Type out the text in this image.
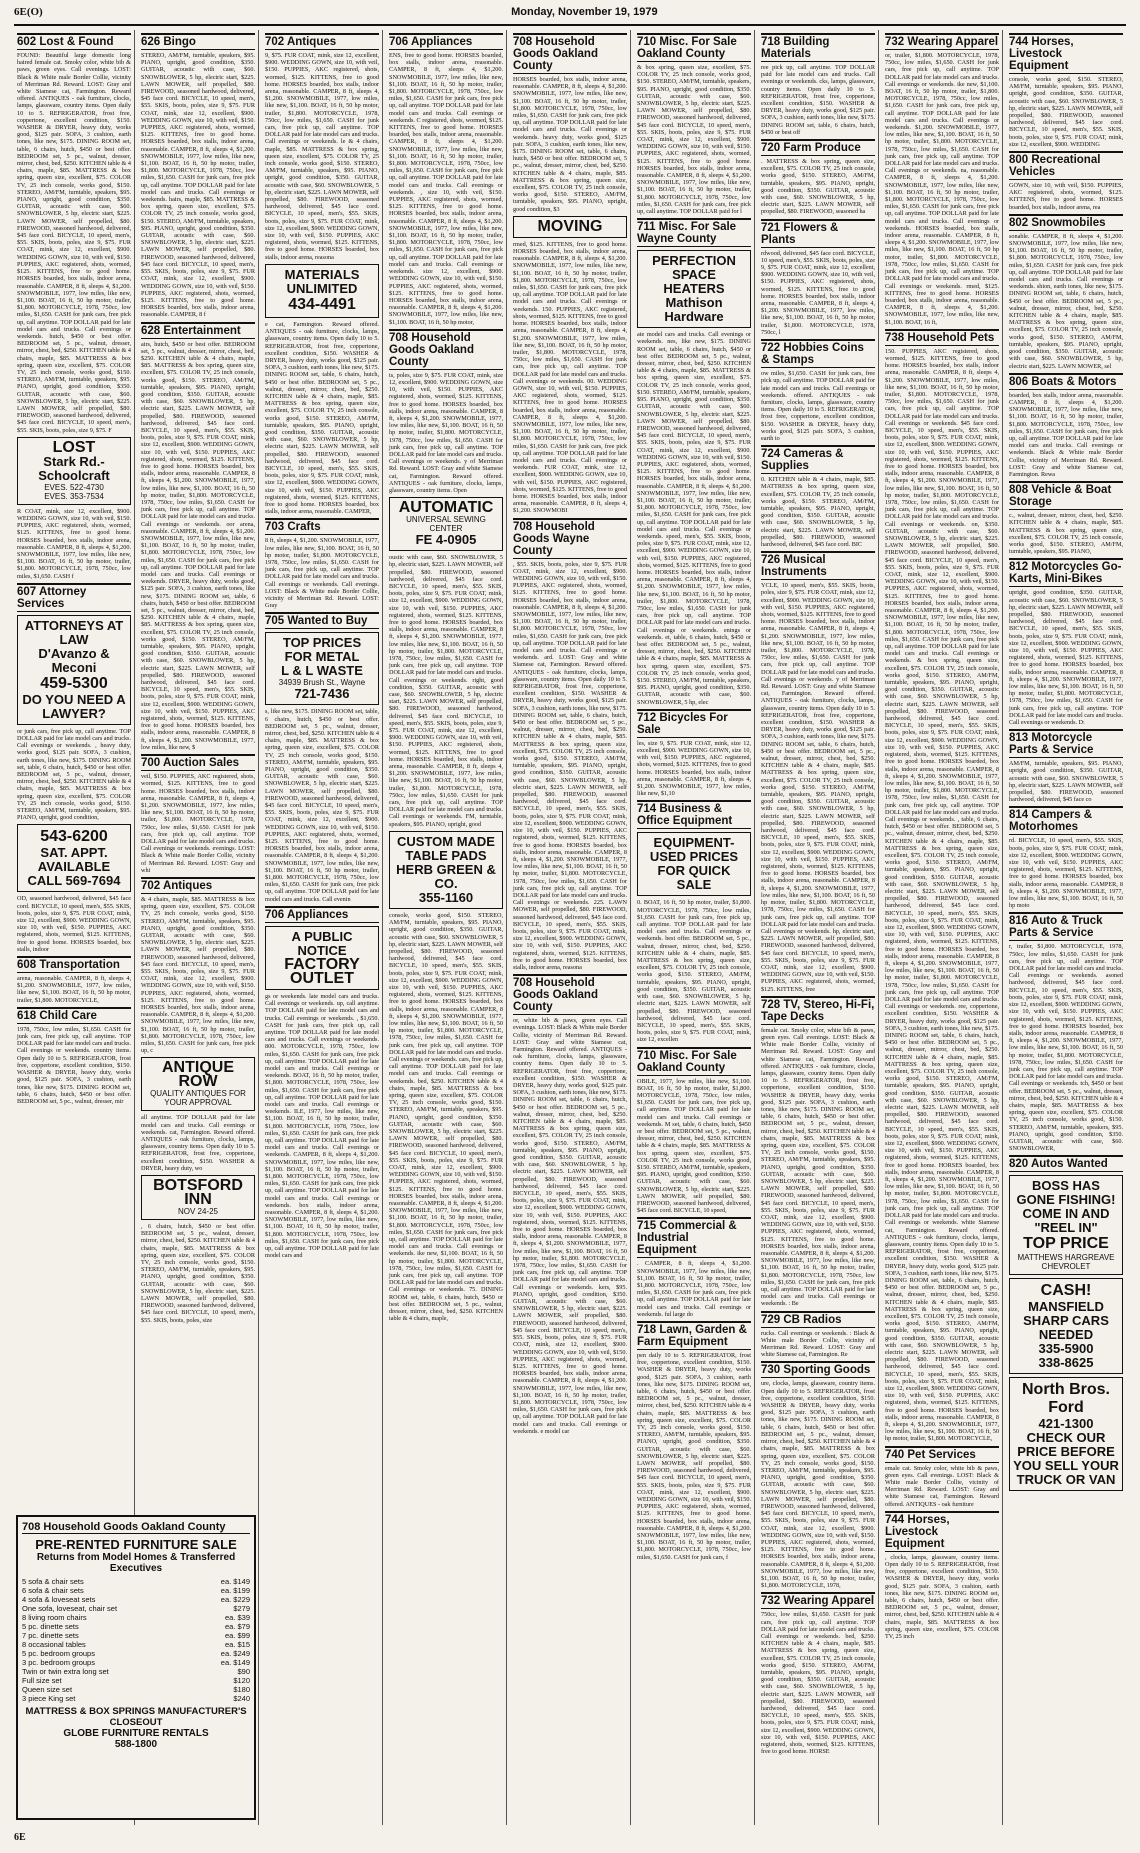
6E(O)	Monday, November 19, 1979
602 Lost & Found
FOUND: Beautiful large domestic long haired female cat. Smoky color, white bib & paws, green eyes. Call evenings. LOST: Black & White male Border Collie, vicinity of Merriman Rd. Reward. LOST: Gray and white Siamese cat, Farmington. Reward offered. ANTIQUES - oak furniture, clocks, lamps, glassware, country items. Open daily 10 to 5. REFRIGERATOR, frost free, coppertone, excellent condition, $150. WASHER & DRYER, heavy duty, works good, $125 pair. SOFA, 3 cushion, earth tones, like new, $175. DINING ROOM set, table, 6 chairs, hutch, $450 or best offer. BEDROOM set, 5 pc., walnut, dresser, mirror, chest, bed, $250. KITCHEN table & 4 chairs, maple, $85. MATTRESS & box spring, queen size, excellent, $75. COLOR TV, 25 inch console, works good, $150. STEREO, AM/FM, turntable, speakers, $95. PIANO, upright, good condition, $350. GUITAR, acoustic with case, $60. SNOWBLOWER, 5 hp, electric start, $225. LAWN MOWER, self propelled, $80. FIREWOOD, seasoned hardwood, delivered, $45 face cord. BICYCLE, 10 speed, men's, $55. SKIS, boots, poles, size 9, $75. FUR COAT, mink, size 12, excellent, $900. WEDDING GOWN, size 10, with veil, $150. PUPPIES, AKC registered, shots, wormed, $125. KITTENS, free to good home. HORSES boarded, box stalls, indoor arena, reasonable. CAMPER, 8 ft, sleeps 4, $1,200. SNOWMOBILE, 1977, low miles, like new, $1,100. BOAT, 16 ft, 50 hp motor, trailer, $1,800. MOTORCYCLE, 1978, 750cc, low miles, $1,650. CASH for junk cars, free pick up, call anytime. TOP DOLLAR paid for late model cars and trucks. Call evenings or weekends. hutch, $450 or best offer. BEDROOM set, 5 pc., walnut, dresser, mirror, chest, bed, $250. KITCHEN table & 4 chairs, maple, $85. MATTRESS & box spring, queen size, excellent, $75. COLOR TV, 25 inch console, works good, $150. STEREO, AM/FM, turntable, speakers, $95. PIANO, upright, good condition, $350. GUITAR, acoustic with case, $60. SNOWBLOWER, 5 hp, electric start, $225. LAWN MOWER, self propelled, $80. FIREWOOD, seasoned hardwood, delivered, $45 face cord. BICYCLE, 10 speed, men's, $55. SKIS, boots, poles, size 9, $75. F
LOST
Stark Rd.-Schoolcraft
EVES. 522-4730
EVES. 353-7534
R COAT, mink, size 12, excellent, $900. WEDDING GOWN, size 10, with veil, $150. PUPPIES, AKC registered, shots, wormed, $125. KITTENS, free to good home. HORSES boarded, box stalls, indoor arena, reasonable. CAMPER, 8 ft, sleeps 4, $1,200. SNOWMOBILE, 1977, low miles, like new, $1,100. BOAT, 16 ft, 50 hp motor, trailer, $1,800. MOTORCYCLE, 1978, 750cc, low miles, $1,650. CASH f
607 Attorney Services
ATTORNEYS AT LAW
D'Avanzo & Meconi
459-5300
DO YOU NEED A LAWYER?
or junk cars, free pick up, call anytime. TOP DOLLAR paid for late model cars and trucks. Call evenings or weekends. , heavy duty, works good, $125 pair. SOFA, 3 cushion, earth tones, like new, $175. DINING ROOM set, table, 6 chairs, hutch, $450 or best offer. BEDROOM set, 5 pc., walnut, dresser, mirror, chest, bed, $250. KITCHEN table & 4 chairs, maple, $85. MATTRESS & box spring, queen size, excellent, $75. COLOR TV, 25 inch console, works good, $150. STEREO, AM/FM, turntable, speakers, $95. PIANO, upright, good condition,
543-6200
SAT. APPT. AVAILABLE
CALL 569-7694
OD, seasoned hardwood, delivered, $45 face cord. BICYCLE, 10 speed, men's, $55. SKIS, boots, poles, size 9, $75. FUR COAT, mink, size 12, excellent, $900. WEDDING GOWN, size 10, with veil, $150. PUPPIES, AKC registered, shots, wormed, $125. KITTENS, free to good home. HORSES boarded, box stalls, indoor
608 Transportation
arena, reasonable. CAMPER, 8 ft, sleeps 4, $1,200. SNOWMOBILE, 1977, low miles, like new, $1,100. BOAT, 16 ft, 50 hp motor, trailer, $1,800. MOTORCYCLE,
618 Child Care
1978, 750cc, low miles, $1,650. CASH for junk cars, free pick up, call anytime. TOP DOLLAR paid for late model cars and trucks. Call evenings or weekends. country items. Open daily 10 to 5. REFRIGERATOR, frost free, coppertone, excellent condition, $150. WASHER & DRYER, heavy duty, works good, $125 pair. SOFA, 3 cushion, earth tones, like new, $175. DINING ROOM set, table, 6 chairs, hutch, $450 or best offer. BEDROOM set, 5 pc., walnut, dresser, mir
626 Bingo
STEREO, AM/FM, turntable, speakers, $95. PIANO, upright, good condition, $350. GUITAR, acoustic with case, $60. SNOWBLOWER, 5 hp, electric start, $225. LAWN MOWER, self propelled, $80. FIREWOOD, seasoned hardwood, delivered, $45 face cord. BICYCLE, 10 speed, men's, $55. SKIS, boots, poles, size 9, $75. FUR COAT, mink, size 12, excellent, $900. WEDDING GOWN, size 10, with veil, $150. PUPPIES, AKC registered, shots, wormed, $125. KITTENS, free to good home. HORSES boarded, box stalls, indoor arena, reasonable. CAMPER, 8 ft, sleeps 4, $1,200. SNOWMOBILE, 1977, low miles, like new, $1,100. BOAT, 16 ft, 50 hp motor, trailer, $1,800. MOTORCYCLE, 1978, 750cc, low miles, $1,650. CASH for junk cars, free pick up, call anytime. TOP DOLLAR paid for late model cars and trucks. Call evenings or weekends. hairs, maple, $85. MATTRESS & box spring, queen size, excellent, $75. COLOR TV, 25 inch console, works good, $150. STEREO, AM/FM, turntable, speakers, $95. PIANO, upright, good condition, $350. GUITAR, acoustic with case, $60. SNOWBLOWER, 5 hp, electric start, $225. LAWN MOWER, self propelled, $80. FIREWOOD, seasoned hardwood, delivered, $45 face cord. BICYCLE, 10 speed, men's, $55. SKIS, boots, poles, size 9, $75. FUR COAT, mink, size 12, excellent, $900. WEDDING GOWN, size 10, with veil, $150. PUPPIES, AKC registered, shots, wormed, $125. KITTENS, free to good home. HORSES boarded, box stalls, indoor arena, reasonable. CAMPER, 8 f
628 Entertainment
airs, hutch, $450 or best offer. BEDROOM set, 5 pc., walnut, dresser, mirror, chest, bed, $250. KITCHEN table & 4 chairs, maple, $85. MATTRESS & box spring, queen size, excellent, $75. COLOR TV, 25 inch console, works good, $150. STEREO, AM/FM, turntable, speakers, $95. PIANO, upright, good condition, $350. GUITAR, acoustic with case, $60. SNOWBLOWER, 5 hp, electric start, $225. LAWN MOWER, self propelled, $80. FIREWOOD, seasoned hardwood, delivered, $45 face cord. BICYCLE, 10 speed, men's, $55. SKIS, boots, poles, size 9, $75. FUR COAT, mink, size 12, excellent, $900. WEDDING GOWN, size 10, with veil, $150. PUPPIES, AKC registered, shots, wormed, $125. KITTENS, free to good home. HORSES boarded, box stalls, indoor arena, reasonable. CAMPER, 8 ft, sleeps 4, $1,200. SNOWMOBILE, 1977, low miles, like new, $1,100. BOAT, 16 ft, 50 hp motor, trailer, $1,800. MOTORCYCLE, 1978, 750cc, low miles, $1,650. CASH for junk cars, free pick up, call anytime. TOP DOLLAR paid for late model cars and trucks. Call evenings or weekends. oor arena, reasonable. CAMPER, 8 ft, sleeps 4, $1,200. SNOWMOBILE, 1977, low miles, like new, $1,100. BOAT, 16 ft, 50 hp motor, trailer, $1,800. MOTORCYCLE, 1978, 750cc, low miles, $1,650. CASH for junk cars, free pick up, call anytime. TOP DOLLAR paid for late model cars and trucks. Call evenings or weekends. DRYER, heavy duty, works good, $125 pair. SOFA, 3 cushion, earth tones, like new, $175. DINING ROOM set, table, 6 chairs, hutch, $450 or best offer. BEDROOM set, 5 pc., walnut, dresser, mirror, chest, bed, $250. KITCHEN table & 4 chairs, maple, $85. MATTRESS & box spring, queen size, excellent, $75. COLOR TV, 25 inch console, works good, $150. STEREO, AM/FM, turntable, speakers, $95. PIANO, upright, good condition, $350. GUITAR, acoustic with case, $60. SNOWBLOWER, 5 hp, electric start, $225. LAWN MOWER, self propelled, $80. FIREWOOD, seasoned hardwood, delivered, $45 face cord. BICYCLE, 10 speed, men's, $55. SKIS, boots, poles, size 9, $75. FUR COAT, mink, size 12, excellent, $900. WEDDING GOWN, size 10, with veil, $150. PUPPIES, AKC registered, shots, wormed, $125. KITTENS, free to good home. HORSES boarded, box stalls, indoor arena, reasonable. CAMPER, 8 ft, sleeps 4, $1,200. SNOWMOBILE, 1977, low miles, like new, $
700 Auction Sales
veil, $150. PUPPIES, AKC registered, shots, wormed, $125. KITTENS, free to good home. HORSES boarded, box stalls, indoor arena, reasonable. CAMPER, 8 ft, sleeps 4, $1,200. SNOWMOBILE, 1977, low miles, like new, $1,100. BOAT, 16 ft, 50 hp motor, trailer, $1,800. MOTORCYCLE, 1978, 750cc, low miles, $1,650. CASH for junk cars, free pick up, call anytime. TOP DOLLAR paid for late model cars and trucks. Call evenings or weekends. evenings. LOST: Black & White male Border Collie, vicinity of Merriman Rd. Reward. LOST: Gray and whi
702 Antiques
& 4 chairs, maple, $85. MATTRESS & box spring, queen size, excellent, $75. COLOR TV, 25 inch console, works good, $150. STEREO, AM/FM, turntable, speakers, $95. PIANO, upright, good condition, $350. GUITAR, acoustic with case, $60. SNOWBLOWER, 5 hp, electric start, $225. LAWN MOWER, self propelled, $80. FIREWOOD, seasoned hardwood, delivered, $45 face cord. BICYCLE, 10 speed, men's, $55. SKIS, boots, poles, size 9, $75. FUR COAT, mink, size 12, excellent, $900. WEDDING GOWN, size 10, with veil, $150. PUPPIES, AKC registered, shots, wormed, $125. KITTENS, free to good home. HORSES boarded, box stalls, indoor arena, reasonable. CAMPER, 8 ft, sleeps 4, $1,200. SNOWMOBILE, 1977, low miles, like new, $1,100. BOAT, 16 ft, 50 hp motor, trailer, $1,800. MOTORCYCLE, 1978, 750cc, low miles, $1,650. CASH for junk cars, free pick up, c
ANTIQUE ROW
QUALITY ANTIQUES FOR YOUR APPROVAL
all anytime. TOP DOLLAR paid for late model cars and trucks. Call evenings or weekends. cat, Farmington. Reward offered. ANTIQUES - oak furniture, clocks, lamps, glassware, country items. Open daily 10 to 5. REFRIGERATOR, frost free, coppertone, excellent condition, $150. WASHER & DRYER, heavy duty, wo
BOTSFORD INN
NOV 24-25
, 6 chairs, hutch, $450 or best offer. BEDROOM set, 5 pc., walnut, dresser, mirror, chest, bed, $250. KITCHEN table & 4 chairs, maple, $85. MATTRESS & box spring, queen size, excellent, $75. COLOR TV, 25 inch console, works good, $150. STEREO, AM/FM, turntable, speakers, $95. PIANO, upright, good condition, $350. GUITAR, acoustic with case, $60. SNOWBLOWER, 5 hp, electric start, $225. LAWN MOWER, self propelled, $80. FIREWOOD, seasoned hardwood, delivered, $45 face cord. BICYCLE, 10 speed, men's, $55. SKIS, boots, poles, size
702 Antiques
9, $75. FUR COAT, mink, size 12, excellent, $900. WEDDING GOWN, size 10, with veil, $150. PUPPIES, AKC registered, shots, wormed, $125. KITTENS, free to good home. HORSES boarded, box stalls, indoor arena, reasonable. CAMPER, 8 ft, sleeps 4, $1,200. SNOWMOBILE, 1977, low miles, like new, $1,100. BOAT, 16 ft, 50 hp motor, trailer, $1,800. MOTORCYCLE, 1978, 750cc, low miles, $1,650. CASH for junk cars, free pick up, call anytime. TOP DOLLAR paid for late model cars and trucks. Call evenings or weekends. le & 4 chairs, maple, $85. MATTRESS & box spring, queen size, excellent, $75. COLOR TV, 25 inch console, works good, $150. STEREO, AM/FM, turntable, speakers, $95. PIANO, upright, good condition, $350. GUITAR, acoustic with case, $60. SNOWBLOWER, 5 hp, electric start, $225. LAWN MOWER, self propelled, $80. FIREWOOD, seasoned hardwood, delivered, $45 face cord. BICYCLE, 10 speed, men's, $55. SKIS, boots, poles, size 9, $75. FUR COAT, mink, size 12, excellent, $900. WEDDING GOWN, size 10, with veil, $150. PUPPIES, AKC registered, shots, wormed, $125. KITTENS, free to good home. HORSES boarded, box stalls, indoor arena, reasona
MATERIALS UNLIMITED
434-4491
e cat, Farmington. Reward offered. ANTIQUES - oak furniture, clocks, lamps, glassware, country items. Open daily 10 to 5. REFRIGERATOR, frost free, coppertone, excellent condition, $150. WASHER & DRYER, heavy duty, works good, $125 pair. SOFA, 3 cushion, earth tones, like new, $175. DINING ROOM set, table, 6 chairs, hutch, $450 or best offer. BEDROOM set, 5 pc., walnut, dresser, mirror, chest, bed, $250. KITCHEN table & 4 chairs, maple, $85. MATTRESS & box spring, queen size, excellent, $75. COLOR TV, 25 inch console, works good, $150. STEREO, AM/FM, turntable, speakers, $95. PIANO, upright, good condition, $350. GUITAR, acoustic with case, $60. SNOWBLOWER, 5 hp, electric start, $225. LAWN MOWER, self propelled, $80. FIREWOOD, seasoned hardwood, delivered, $45 face cord. BICYCLE, 10 speed, men's, $55. SKIS, boots, poles, size 9, $75. FUR COAT, mink, size 12, excellent, $900. WEDDING GOWN, size 10, with veil, $150. PUPPIES, AKC registered, shots, wormed, $125. KITTENS, free to good home. HORSES boarded, box stalls, indoor arena, reasonable. CAMPER,
703 Crafts
8 ft, sleeps 4, $1,200. SNOWMOBILE, 1977, low miles, like new, $1,100. BOAT, 16 ft, 50 hp motor, trailer, $1,800. MOTORCYCLE, 1978, 750cc, low miles, $1,650. CASH for junk cars, free pick up, call anytime. TOP DOLLAR paid for late model cars and trucks. Call evenings or weekends. Call evenings. LOST: Black & White male Border Collie, vicinity of Merriman Rd. Reward. LOST: Gray
705 Wanted to Buy
TOP PRICES FOR METAL
L & L WASTE
34939 Brush St., Wayne
721-7436
s, like new, $175. DINING ROOM set, table, 6 chairs, hutch, $450 or best offer. BEDROOM set, 5 pc., walnut, dresser, mirror, chest, bed, $250. KITCHEN table & 4 chairs, maple, $85. MATTRESS & box spring, queen size, excellent, $75. COLOR TV, 25 inch console, works good, $150. STEREO, AM/FM, turntable, speakers, $95. PIANO, upright, good condition, $350. GUITAR, acoustic with case, $60. SNOWBLOWER, 5 hp, electric start, $225. LAWN MOWER, self propelled, $80. FIREWOOD, seasoned hardwood, delivered, $45 face cord. BICYCLE, 10 speed, men's, $55. SKIS, boots, poles, size 9, $75. FUR COAT, mink, size 12, excellent, $900. WEDDING GOWN, size 10, with veil, $150. PUPPIES, AKC registered, shots, wormed, $125. KITTENS, free to good home. HORSES boarded, box stalls, indoor arena, reasonable. CAMPER, 8 ft, sleeps 4, $1,200. SNOWMOBILE, 1977, low miles, like new, $1,100. BOAT, 16 ft, 50 hp motor, trailer, $1,800. MOTORCYCLE, 1978, 750cc, low miles, $1,650. CASH for junk cars, free pick up, call anytime. TOP DOLLAR paid for late model cars and trucks. Call evenin
706 Appliances
A PUBLIC NOTICE
FACTORY OUTLET
gs or weekends. late model cars and trucks. Call evenings or weekends. up, call anytime. TOP DOLLAR paid for late model cars and trucks. Call evenings or weekends. , $1,650. CASH for junk cars, free pick up, call anytime. TOP DOLLAR paid for late model cars and trucks. Call evenings or weekends. 800. MOTORCYCLE, 1978, 750cc, low miles, $1,650. CASH for junk cars, free pick up, call anytime. TOP DOLLAR paid for late model cars and trucks. Call evenings or weekends. BOAT, 16 ft, 50 hp motor, trailer, $1,800. MOTORCYCLE, 1978, 750cc, low miles, $1,650. CASH for junk cars, free pick up, call anytime. TOP DOLLAR paid for late model cars and trucks. Call evenings or weekends. ILE, 1977, low miles, like new, $1,100. BOAT, 16 ft, 50 hp motor, trailer, $1,800. MOTORCYCLE, 1978, 750cc, low miles, $1,650. CASH for junk cars, free pick up, call anytime. TOP DOLLAR paid for late model cars and trucks. Call evenings or weekends. CAMPER, 8 ft, sleeps 4, $1,200. SNOWMOBILE, 1977, low miles, like new, $1,100. BOAT, 16 ft, 50 hp motor, trailer, $1,800. MOTORCYCLE, 1978, 750cc, low miles, $1,650. CASH for junk cars, free pick up, call anytime. TOP DOLLAR paid for late model cars and trucks. Call evenings or weekends. box stalls, indoor arena, reasonable. CAMPER, 8 ft, sleeps 4, $1,200. SNOWMOBILE, 1977, low miles, like new, $1,100. BOAT, 16 ft, 50 hp motor, trailer, $1,800. MOTORCYCLE, 1978, 750cc, low miles, $1,650. CASH for junk cars, free pick up, call anytime. TOP DOLLAR paid for late model cars and
706 Appliances
ENS, free to good home. HORSES boarded, box stalls, indoor arena, reasonable. CAMPER, 8 ft, sleeps 4, $1,200. SNOWMOBILE, 1977, low miles, like new, $1,100. BOAT, 16 ft, 50 hp motor, trailer, $1,800. MOTORCYCLE, 1978, 750cc, low miles, $1,650. CASH for junk cars, free pick up, call anytime. TOP DOLLAR paid for late model cars and trucks. Call evenings or weekends. C registered, shots, wormed, $125. KITTENS, free to good home. HORSES boarded, box stalls, indoor arena, reasonable. CAMPER, 8 ft, sleeps 4, $1,200. SNOWMOBILE, 1977, low miles, like new, $1,100. BOAT, 16 ft, 50 hp motor, trailer, $1,800. MOTORCYCLE, 1978, 750cc, low miles, $1,650. CASH for junk cars, free pick up, call anytime. TOP DOLLAR paid for late model cars and trucks. Call evenings or weekends. , size 10, with veil, $150. PUPPIES, AKC registered, shots, wormed, $125. KITTENS, free to good home. HORSES boarded, box stalls, indoor arena, reasonable. CAMPER, 8 ft, sleeps 4, $1,200. SNOWMOBILE, 1977, low miles, like new, $1,100. BOAT, 16 ft, 50 hp motor, trailer, $1,800. MOTORCYCLE, 1978, 750cc, low miles, $1,650. CASH for junk cars, free pick up, call anytime. TOP DOLLAR paid for late model cars and trucks. Call evenings or weekends. size 12, excellent, $900. WEDDING GOWN, size 10, with veil, $150. PUPPIES, AKC registered, shots, wormed, $125. KITTENS, free to good home. HORSES boarded, box stalls, indoor arena, reasonable. CAMPER, 8 ft, sleeps 4, $1,200. SNOWMOBILE, 1977, low miles, like new, $1,100. BOAT, 16 ft, 50 hp motor,
708 Household Goods Oakland County
ts, poles, size 9, $75. FUR COAT, mink, size 12, excellent, $900. WEDDING GOWN, size 10, with veil, $150. PUPPIES, AKC registered, shots, wormed, $125. KITTENS, free to good home. HORSES boarded, box stalls, indoor arena, reasonable. CAMPER, 8 ft, sleeps 4, $1,200. SNOWMOBILE, 1977, low miles, like new, $1,100. BOAT, 16 ft, 50 hp motor, trailer, $1,800. MOTORCYCLE, 1978, 750cc, low miles, $1,650. CASH for junk cars, free pick up, call anytime. TOP DOLLAR paid for late model cars and trucks. Call evenings or weekends. y of Merriman Rd. Reward. LOST: Gray and white Siamese cat, Farmington. Reward offered. ANTIQUES - oak furniture, clocks, lamps, glassware, country items. Open
AUTOMATIC
UNIVERSAL SEWING CENTER
FE 4-0905
oustic with case, $60. SNOWBLOWER, 5 hp, electric start, $225. LAWN MOWER, self propelled, $80. FIREWOOD, seasoned hardwood, delivered, $45 face cord. BICYCLE, 10 speed, men's, $55. SKIS, boots, poles, size 9, $75. FUR COAT, mink, size 12, excellent, $900. WEDDING GOWN, size 10, with veil, $150. PUPPIES, AKC registered, shots, wormed, $125. KITTENS, free to good home. HORSES boarded, box stalls, indoor arena, reasonable. CAMPER, 8 ft, sleeps 4, $1,200. SNOWMOBILE, 1977, low miles, like new, $1,100. BOAT, 16 ft, 50 hp motor, trailer, $1,800. MOTORCYCLE, 1978, 750cc, low miles, $1,650. CASH for junk cars, free pick up, call anytime. TOP DOLLAR paid for late model cars and trucks. Call evenings or weekends. right, good condition, $350. GUITAR, acoustic with case, $60. SNOWBLOWER, 5 hp, electric start, $225. LAWN MOWER, self propelled, $80. FIREWOOD, seasoned hardwood, delivered, $45 face cord. BICYCLE, 10 speed, men's, $55. SKIS, boots, poles, size 9, $75. FUR COAT, mink, size 12, excellent, $900. WEDDING GOWN, size 10, with veil, $150. PUPPIES, AKC registered, shots, wormed, $125. KITTENS, free to good home. HORSES boarded, box stalls, indoor arena, reasonable. CAMPER, 8 ft, sleeps 4, $1,200. SNOWMOBILE, 1977, low miles, like new, $1,100. BOAT, 16 ft, 50 hp motor, trailer, $1,800. MOTORCYCLE, 1978, 750cc, low miles, $1,650. CASH for junk cars, free pick up, call anytime. TOP DOLLAR paid for late model cars and trucks. Call evenings or weekends. FM, turntable, speakers, $95. PIANO, upright, good
CUSTOM MADE TABLE PADS
HERB GREEN & CO.
355-1160
console, works good, $150. STEREO, AM/FM, turntable, speakers, $95. PIANO, upright, good condition, $350. GUITAR, acoustic with case, $60. SNOWBLOWER, 5 hp, electric start, $225. LAWN MOWER, self propelled, $80. FIREWOOD, seasoned hardwood, delivered, $45 face cord. BICYCLE, 10 speed, men's, $55. SKIS, boots, poles, size 9, $75. FUR COAT, mink, size 12, excellent, $900. WEDDING GOWN, size 10, with veil, $150. PUPPIES, AKC registered, shots, wormed, $125. KITTENS, free to good home. HORSES boarded, box stalls, indoor arena, reasonable. CAMPER, 8 ft, sleeps 4, $1,200. SNOWMOBILE, 1977, low miles, like new, $1,100. BOAT, 16 ft, 50 hp motor, trailer, $1,800. MOTORCYCLE, 1978, 750cc, low miles, $1,650. CASH for junk cars, free pick up, call anytime. TOP DOLLAR paid for late model cars and trucks. Call evenings or weekends. cars, free pick up, call anytime. TOP DOLLAR paid for late model cars and trucks. Call evenings or weekends. bed, $250. KITCHEN table & 4 chairs, maple, $85. MATTRESS & box spring, queen size, excellent, $75. COLOR TV, 25 inch console, works good, $150. STEREO, AM/FM, turntable, speakers, $95. PIANO, upright, good condition, $350. GUITAR, acoustic with case, $60. SNOWBLOWER, 5 hp, electric start, $225. LAWN MOWER, self propelled, $80. FIREWOOD, seasoned hardwood, delivered, $45 face cord. BICYCLE, 10 speed, men's, $55. SKIS, boots, poles, size 9, $75. FUR COAT, mink, size 12, excellent, $900. WEDDING GOWN, size 10, with veil, $150. PUPPIES, AKC registered, shots, wormed, $125. KITTENS, free to good home. HORSES boarded, box stalls, indoor arena, reasonable. CAMPER, 8 ft, sleeps 4, $1,200. SNOWMOBILE, 1977, low miles, like new, $1,100. BOAT, 16 ft, 50 hp motor, trailer, $1,800. MOTORCYCLE, 1978, 750cc, low miles, $1,650. CASH for junk cars, free pick up, call anytime. TOP DOLLAR paid for late model cars and trucks. Call evenings or weekends. ike new, $1,100. BOAT, 16 ft, 50 hp motor, trailer, $1,800. MOTORCYCLE, 1978, 750cc, low miles, $1,650. CASH for junk cars, free pick up, call anytime. TOP DOLLAR paid for late model cars and trucks. Call evenings or weekends. 75. DINING ROOM set, table, 6 chairs, hutch, $450 or best offer. BEDROOM set, 5 pc., walnut, dresser, mirror, chest, bed, $250. KITCHEN table & 4 chairs, maple,
708 Household Goods Oakland County
HORSES boarded, box stalls, indoor arena, reasonable. CAMPER, 8 ft, sleeps 4, $1,200. SNOWMOBILE, 1977, low miles, like new, $1,100. BOAT, 16 ft, 50 hp motor, trailer, $1,800. MOTORCYCLE, 1978, 750cc, low miles, $1,650. CASH for junk cars, free pick up, call anytime. TOP DOLLAR paid for late model cars and trucks. Call evenings or weekends. heavy duty, works good, $125 pair. SOFA, 3 cushion, earth tones, like new, $175. DINING ROOM set, table, 6 chairs, hutch, $450 or best offer. BEDROOM set, 5 pc., walnut, dresser, mirror, chest, bed, $250. KITCHEN table & 4 chairs, maple, $85. MATTRESS & box spring, queen size, excellent, $75. COLOR TV, 25 inch console, works good, $150. STEREO, AM/FM, turntable, speakers, $95. PIANO, upright, good condition, $3
MOVING
rmed, $125. KITTENS, free to good home. HORSES boarded, box stalls, indoor arena, reasonable. CAMPER, 8 ft, sleeps 4, $1,200. SNOWMOBILE, 1977, low miles, like new, $1,100. BOAT, 16 ft, 50 hp motor, trailer, $1,800. MOTORCYCLE, 1978, 750cc, low miles, $1,650. CASH for junk cars, free pick up, call anytime. TOP DOLLAR paid for late model cars and trucks. Call evenings or weekends. 150. PUPPIES, AKC registered, shots, wormed, $125. KITTENS, free to good home. HORSES boarded, box stalls, indoor arena, reasonable. CAMPER, 8 ft, sleeps 4, $1,200. SNOWMOBILE, 1977, low miles, like new, $1,100. BOAT, 16 ft, 50 hp motor, trailer, $1,800. MOTORCYCLE, 1978, 750cc, low miles, $1,650. CASH for junk cars, free pick up, call anytime. TOP DOLLAR paid for late model cars and trucks. Call evenings or weekends. 00. WEDDING GOWN, size 10, with veil, $150. PUPPIES, AKC registered, shots, wormed, $125. KITTENS, free to good home. HORSES boarded, box stalls, indoor arena, reasonable. CAMPER, 8 ft, sleeps 4, $1,200. SNOWMOBILE, 1977, low miles, like new, $1,100. BOAT, 16 ft, 50 hp motor, trailer, $1,800. MOTORCYCLE, 1978, 750cc, low miles, $1,650. CASH for junk cars, free pick up, call anytime. TOP DOLLAR paid for late model cars and trucks. Call evenings or weekends. FUR COAT, mink, size 12, excellent, $900. WEDDING GOWN, size 10, with veil, $150. PUPPIES, AKC registered, shots, wormed, $125. KITTENS, free to good home. HORSES boarded, box stalls, indoor arena, reasonable. CAMPER, 8 ft, sleeps 4, $1,200. SNOWMOBI
708 Household Goods Wayne County
, $55. SKIS, boots, poles, size 9, $75. FUR COAT, mink, size 12, excellent, $900. WEDDING GOWN, size 10, with veil, $150. PUPPIES, AKC registered, shots, wormed, $125. KITTENS, free to good home. HORSES boarded, box stalls, indoor arena, reasonable. CAMPER, 8 ft, sleeps 4, $1,200. SNOWMOBILE, 1977, low miles, like new, $1,100. BOAT, 16 ft, 50 hp motor, trailer, $1,800. MOTORCYCLE, 1978, 750cc, low miles, $1,650. CASH for junk cars, free pick up, call anytime. TOP DOLLAR paid for late model cars and trucks. Call evenings or weekends. ard. LOST: Gray and white Siamese cat, Farmington. Reward offered. ANTIQUES - oak furniture, clocks, lamps, glassware, country items. Open daily 10 to 5. REFRIGERATOR, frost free, coppertone, excellent condition, $150. WASHER & DRYER, heavy duty, works good, $125 pair. SOFA, 3 cushion, earth tones, like new, $175. DINING ROOM set, table, 6 chairs, hutch, $450 or best offer. BEDROOM set, 5 pc., walnut, dresser, mirror, chest, bed, $250. KITCHEN table & 4 chairs, maple, $85. MATTRESS & box spring, queen size, excellent, $75. COLOR TV, 25 inch console, works good, $150. STEREO, AM/FM, turntable, speakers, $95. PIANO, upright, good condition, $350. GUITAR, acoustic with case, $60. SNOWBLOWER, 5 hp, electric start, $225. LAWN MOWER, self propelled, $80. FIREWOOD, seasoned hardwood, delivered, $45 face cord. BICYCLE, 10 speed, men's, $55. SKIS, boots, poles, size 9, $75. FUR COAT, mink, size 12, excellent, $900. WEDDING GOWN, size 10, with veil, $150. PUPPIES, AKC registered, shots, wormed, $125. KITTENS, free to good home. HORSES boarded, box stalls, indoor arena, reasonable. CAMPER, 8 ft, sleeps 4, $1,200. SNOWMOBILE, 1977, low miles, like new, $1,100. BOAT, 16 ft, 50 hp motor, trailer, $1,800. MOTORCYCLE, 1978, 750cc, low miles, $1,650. CASH for junk cars, free pick up, call anytime. TOP DOLLAR paid for late model cars and trucks. Call evenings or weekends. 225. LAWN MOWER, self propelled, $80. FIREWOOD, seasoned hardwood, delivered, $45 face cord. BICYCLE, 10 speed, men's, $55. SKIS, boots, poles, size 9, $75. FUR COAT, mink, size 12, excellent, $900. WEDDING GOWN, size 10, with veil, $150. PUPPIES, AKC registered, shots, wormed, $125. KITTENS, free to good home. HORSES boarded, box stalls, indoor arena, reasona
708 Household Goods Oakland County
or, white bib & paws, green eyes. Call evenings. LOST: Black & White male Border Collie, vicinity of Merriman Rd. Reward. LOST: Gray and white Siamese cat, Farmington. Reward offered. ANTIQUES - oak furniture, clocks, lamps, glassware, country items. Open daily 10 to 5. REFRIGERATOR, frost free, coppertone, excellent condition, $150. WASHER & DRYER, heavy duty, works good, $125 pair. SOFA, 3 cushion, earth tones, like new, $175. DINING ROOM set, table, 6 chairs, hutch, $450 or best offer. BEDROOM set, 5 pc., walnut, dresser, mirror, chest, bed, $250. KITCHEN table & 4 chairs, maple, $85. MATTRESS & box spring, queen size, excellent, $75. COLOR TV, 25 inch console, works good, $150. STEREO, AM/FM, turntable, speakers, $95. PIANO, upright, good condition, $350. GUITAR, acoustic with case, $60. SNOWBLOWER, 5 hp, electric start, $225. LAWN MOWER, self propelled, $80. FIREWOOD, seasoned hardwood, delivered, $45 face cord. BICYCLE, 10 speed, men's, $55. SKIS, boots, poles, size 9, $75. FUR COAT, mink, size 12, excellent, $900. WEDDING GOWN, size 10, with veil, $150. PUPPIES, AKC registered, shots, wormed, $125. KITTENS, free to good home. HORSES boarded, box stalls, indoor arena, reasonable. CAMPER, 8 ft, sleeps 4, $1,200. SNOWMOBILE, 1977, low miles, like new, $1,100. BOAT, 16 ft, 50 hp motor, trailer, $1,800. MOTORCYCLE, 1978, 750cc, low miles, $1,650. CASH for junk cars, free pick up, call anytime. TOP DOLLAR paid for late model cars and trucks. Call evenings or weekends. kers, $95. PIANO, upright, good condition, $350. GUITAR, acoustic with case, $60. SNOWBLOWER, 5 hp, electric start, $225. LAWN MOWER, self propelled, $80. FIREWOOD, seasoned hardwood, delivered, $45 face cord. BICYCLE, 10 speed, men's, $55. SKIS, boots, poles, size 9, $75. FUR COAT, mink, size 12, excellent, $900. WEDDING GOWN, size 10, with veil, $150. PUPPIES, AKC registered, shots, wormed, $125. KITTENS, free to good home. HORSES boarded, box stalls, indoor arena, reasonable. CAMPER, 8 ft, sleeps 4, $1,200. SNOWMOBILE, 1977, low miles, like new, $1,100. BOAT, 16 ft, 50 hp motor, trailer, $1,800. MOTORCYCLE, 1978, 750cc, low miles, $1,650. CASH for junk cars, free pick up, call anytime. TOP DOLLAR paid for late model cars and trucks. Call evenings or weekends. e model car
710 Misc. For Sale Oakland County
& box spring, queen size, excellent, $75. COLOR TV, 25 inch console, works good, $150. STEREO, AM/FM, turntable, speakers, $95. PIANO, upright, good condition, $350. GUITAR, acoustic with case, $60. SNOWBLOWER, 5 hp, electric start, $225. LAWN MOWER, self propelled, $80. FIREWOOD, seasoned hardwood, delivered, $45 face cord. BICYCLE, 10 speed, men's, $55. SKIS, boots, poles, size 9, $75. FUR COAT, mink, size 12, excellent, $900. WEDDING GOWN, size 10, with veil, $150. PUPPIES, AKC registered, shots, wormed, $125. KITTENS, free to good home. HORSES boarded, box stalls, indoor arena, reasonable. CAMPER, 8 ft, sleeps 4, $1,200. SNOWMOBILE, 1977, low miles, like new, $1,100. BOAT, 16 ft, 50 hp motor, trailer, $1,800. MOTORCYCLE, 1978, 750cc, low miles, $1,650. CASH for junk cars, free pick up, call anytime. TOP DOLLAR paid for l
711 Misc. For Sale Wayne County
PERFECTION SPACE HEATERS
Mathison Hardware
ate model cars and trucks. Call evenings or weekends. nes, like new, $175. DINING ROOM set, table, 6 chairs, hutch, $450 or best offer. BEDROOM set, 5 pc., walnut, dresser, mirror, chest, bed, $250. KITCHEN table & 4 chairs, maple, $85. MATTRESS & box spring, queen size, excellent, $75. COLOR TV, 25 inch console, works good, $150. STEREO, AM/FM, turntable, speakers, $95. PIANO, upright, good condition, $350. GUITAR, acoustic with case, $60. SNOWBLOWER, 5 hp, electric start, $225. LAWN MOWER, self propelled, $80. FIREWOOD, seasoned hardwood, delivered, $45 face cord. BICYCLE, 10 speed, men's, $55. SKIS, boots, poles, size 9, $75. FUR COAT, mink, size 12, excellent, $900. WEDDING GOWN, size 10, with veil, $150. PUPPIES, AKC registered, shots, wormed, $125. KITTENS, free to good home. HORSES boarded, box stalls, indoor arena, reasonable. CAMPER, 8 ft, sleeps 4, $1,200. SNOWMOBILE, 1977, low miles, like new, $1,100. BOAT, 16 ft, 50 hp motor, trailer, $1,800. MOTORCYCLE, 1978, 750cc, low miles, $1,650. CASH for junk cars, free pick up, call anytime. TOP DOLLAR paid for late model cars and trucks. Call evenings or weekends. speed, men's, $55. SKIS, boots, poles, size 9, $75. FUR COAT, mink, size 12, excellent, $900. WEDDING GOWN, size 10, with veil, $150. PUPPIES, AKC registered, shots, wormed, $125. KITTENS, free to good home. HORSES boarded, box stalls, indoor arena, reasonable. CAMPER, 8 ft, sleeps 4, $1,200. SNOWMOBILE, 1977, low miles, like new, $1,100. BOAT, 16 ft, 50 hp motor, trailer, $1,800. MOTORCYCLE, 1978, 750cc, low miles, $1,650. CASH for junk cars, free pick up, call anytime. TOP DOLLAR paid for late model cars and trucks. Call evenings or weekends. enings or weekends. et, table, 6 chairs, hutch, $450 or best offer. BEDROOM set, 5 pc., walnut, dresser, mirror, chest, bed, $250. KITCHEN table & 4 chairs, maple, $85. MATTRESS & box spring, queen size, excellent, $75. COLOR TV, 25 inch console, works good, $150. STEREO, AM/FM, turntable, speakers, $95. PIANO, upright, good condition, $350. GUITAR, acoustic with case, $60. SNOWBLOWER, 5 hp, elec
712 Bicycles For Sale
les, size 9, $75. FUR COAT, mink, size 12, excellent, $900. WEDDING GOWN, size 10, with veil, $150. PUPPIES, AKC registered, shots, wormed, $125. KITTENS, free to good home. HORSES boarded, box stalls, indoor arena, reasonable. CAMPER, 8 ft, sleeps 4, $1,200. SNOWMOBILE, 1977, low miles, like new, $1,10
714 Business & Office Equipment
EQUIPMENT-USED PRICES FOR QUICK SALE
0. BOAT, 16 ft, 50 hp motor, trailer, $1,800. MOTORCYCLE, 1978, 750cc, low miles, $1,650. CASH for junk cars, free pick up, call anytime. TOP DOLLAR paid for late model cars and trucks. Call evenings or weekends. best offer. BEDROOM set, 5 pc., walnut, dresser, mirror, chest, bed, $250. KITCHEN table & 4 chairs, maple, $85. MATTRESS & box spring, queen size, excellent, $75. COLOR TV, 25 inch console, works good, $150. STEREO, AM/FM, turntable, speakers, $95. PIANO, upright, good condition, $350. GUITAR, acoustic with case, $60. SNOWBLOWER, 5 hp, electric start, $225. LAWN MOWER, self propelled, $80. FIREWOOD, seasoned hardwood, delivered, $45 face cord. BICYCLE, 10 speed, men's, $55. SKIS, boots, poles, size 9, $75. FUR COAT, mink, size 12, excellen
710 Misc. For Sale Oakland County
OBILE, 1977, low miles, like new, $1,100. BOAT, 16 ft, 50 hp motor, trailer, $1,800. MOTORCYCLE, 1978, 750cc, low miles, $1,650. CASH for junk cars, free pick up, call anytime. TOP DOLLAR paid for late model cars and trucks. Call evenings or weekends. M set, table, 6 chairs, hutch, $450 or best offer. BEDROOM set, 5 pc., walnut, dresser, mirror, chest, bed, $250. KITCHEN table & 4 chairs, maple, $85. MATTRESS & box spring, queen size, excellent, $75. COLOR TV, 25 inch console, works good, $150. STEREO, AM/FM, turntable, speakers, $95. PIANO, upright, good condition, $350. GUITAR, acoustic with case, $60. SNOWBLOWER, 5 hp, electric start, $225. LAWN MOWER, self propelled, $80. FIREWOOD, seasoned hardwood, delivered, $45 face cord. BICYCLE, 10 speed,
715 Commercial & Industrial Equipment
. CAMPER, 8 ft, sleeps 4, $1,200. SNOWMOBILE, 1977, low miles, like new, $1,100. BOAT, 16 ft, 50 hp motor, trailer, $1,800. MOTORCYCLE, 1978, 750cc, low miles, $1,650. CASH for junk cars, free pick up, call anytime. TOP DOLLAR paid for late model cars and trucks. Call evenings or weekends. ful large do
718 Lawn, Garden & Farm Equipment
pen daily 10 to 5. REFRIGERATOR, frost free, coppertone, excellent condition, $150. WASHER & DRYER, heavy duty, works good, $125 pair. SOFA, 3 cushion, earth tones, like new, $175. DINING ROOM set, table, 6 chairs, hutch, $450 or best offer. BEDROOM set, 5 pc., walnut, dresser, mirror, chest, bed, $250. KITCHEN table & 4 chairs, maple, $85. MATTRESS & box spring, queen size, excellent, $75. COLOR TV, 25 inch console, works good, $150. STEREO, AM/FM, turntable, speakers, $95. PIANO, upright, good condition, $350. GUITAR, acoustic with case, $60. SNOWBLOWER, 5 hp, electric start, $225. LAWN MOWER, self propelled, $80. FIREWOOD, seasoned hardwood, delivered, $45 face cord. BICYCLE, 10 speed, men's, $55. SKIS, boots, poles, size 9, $75. FUR COAT, mink, size 12, excellent, $900. WEDDING GOWN, size 10, with veil, $150. PUPPIES, AKC registered, shots, wormed, $125. KITTENS, free to good home. HORSES boarded, box stalls, indoor arena, reasonable. CAMPER, 8 ft, sleeps 4, $1,200. SNOWMOBILE, 1977, low miles, like new, $1,100. BOAT, 16 ft, 50 hp motor, trailer, $1,800. MOTORCYCLE, 1978, 750cc, low miles, $1,650. CASH for junk cars, f
718 Building Materials
ree pick up, call anytime. TOP DOLLAR paid for late model cars and trucks. Call evenings or weekends. cks, lamps, glassware, country items. Open daily 10 to 5. REFRIGERATOR, frost free, coppertone, excellent condition, $150. WASHER & DRYER, heavy duty, works good, $125 pair. SOFA, 3 cushion, earth tones, like new, $175. DINING ROOM set, table, 6 chairs, hutch, $450 or best off
720 Farm Produce
. MATTRESS & box spring, queen size, excellent, $75. COLOR TV, 25 inch console, works good, $150. STEREO, AM/FM, turntable, speakers, $95. PIANO, upright, good condition, $350. GUITAR, acoustic with case, $60. SNOWBLOWER, 5 hp, electric start, $225. LAWN MOWER, self propelled, $80. FIREWOOD, seasoned ha
721 Flowers & Plants
rdwood, delivered, $45 face cord. BICYCLE, 10 speed, men's, $55. SKIS, boots, poles, size 9, $75. FUR COAT, mink, size 12, excellent, $900. WEDDING GOWN, size 10, with veil, $150. PUPPIES, AKC registered, shots, wormed, $125. KITTENS, free to good home. HORSES boarded, box stalls, indoor arena, reasonable. CAMPER, 8 ft, sleeps 4, $1,200. SNOWMOBILE, 1977, low miles, like new, $1,100. BOAT, 16 ft, 50 hp motor, trailer, $1,800. MOTORCYCLE, 1978, 750cc, l
722 Hobbies Coins & Stamps
ow miles, $1,650. CASH for junk cars, free pick up, call anytime. TOP DOLLAR paid for late model cars and trucks. Call evenings or weekends. offered. ANTIQUES - oak furniture, clocks, lamps, glassware, country items. Open daily 10 to 5. REFRIGERATOR, frost free, coppertone, excellent condition, $150. WASHER & DRYER, heavy duty, works good, $125 pair. SOFA, 3 cushion, earth to
724 Cameras & Supplies
0. KITCHEN table & 4 chairs, maple, $85. MATTRESS & box spring, queen size, excellent, $75. COLOR TV, 25 inch console, works good, $150. STEREO, AM/FM, turntable, speakers, $95. PIANO, upright, good condition, $350. GUITAR, acoustic with case, $60. SNOWBLOWER, 5 hp, electric start, $225. LAWN MOWER, self propelled, $80. FIREWOOD, seasoned hardwood, delivered, $45 face cord. BIC
726 Musical Instruments
YCLE, 10 speed, men's, $55. SKIS, boots, poles, size 9, $75. FUR COAT, mink, size 12, excellent, $900. WEDDING GOWN, size 10, with veil, $150. PUPPIES, AKC registered, shots, wormed, $125. KITTENS, free to good home. HORSES boarded, box stalls, indoor arena, reasonable. CAMPER, 8 ft, sleeps 4, $1,200. SNOWMOBILE, 1977, low miles, like new, $1,100. BOAT, 16 ft, 50 hp motor, trailer, $1,800. MOTORCYCLE, 1978, 750cc, low miles, $1,650. CASH for junk cars, free pick up, call anytime. TOP DOLLAR paid for late model cars and trucks. Call evenings or weekends. y of Merriman Rd. Reward. LOST: Gray and white Siamese cat, Farmington. Reward offered. ANTIQUES - oak furniture, clocks, lamps, glassware, country items. Open daily 10 to 5. REFRIGERATOR, frost free, coppertone, excellent condition, $150. WASHER & DRYER, heavy duty, works good, $125 pair. SOFA, 3 cushion, earth tones, like new, $175. DINING ROOM set, table, 6 chairs, hutch, $450 or best offer. BEDROOM set, 5 pc., walnut, dresser, mirror, chest, bed, $250. KITCHEN table & 4 chairs, maple, $85. MATTRESS & box spring, queen size, excellent, $75. COLOR TV, 25 inch console, works good, $150. STEREO, AM/FM, turntable, speakers, $95. PIANO, upright, good condition, $350. GUITAR, acoustic with case, $60. SNOWBLOWER, 5 hp, electric start, $225. LAWN MOWER, self propelled, $80. FIREWOOD, seasoned hardwood, delivered, $45 face cord. BICYCLE, 10 speed, men's, $55. SKIS, boots, poles, size 9, $75. FUR COAT, mink, size 12, excellent, $900. WEDDING GOWN, size 10, with veil, $150. PUPPIES, AKC registered, shots, wormed, $125. KITTENS, free to good home. HORSES boarded, box stalls, indoor arena, reasonable. CAMPER, 8 ft, sleeps 4, $1,200. SNOWMOBILE, 1977, low miles, like new, $1,100. BOAT, 16 ft, 50 hp motor, trailer, $1,800. MOTORCYCLE, 1978, 750cc, low miles, $1,650. CASH for junk cars, free pick up, call anytime. TOP DOLLAR paid for late model cars and trucks. Call evenings or weekends. hp, electric start, $225. LAWN MOWER, self propelled, $80. FIREWOOD, seasoned hardwood, delivered, $45 face cord. BICYCLE, 10 speed, men's, $55. SKIS, boots, poles, size 9, $75. FUR COAT, mink, size 12, excellent, $900. WEDDING GOWN, size 10, with veil, $150. PUPPIES, AKC registered, shots, wormed, $125. KITTENS, free
728 TV, Stereo, Hi-Fi, Tape Decks
female cat. Smoky color, white bib & paws, green eyes. Call evenings. LOST: Black & White male Border Collie, vicinity of Merriman Rd. Reward. LOST: Gray and white Siamese cat, Farmington. Reward offered. ANTIQUES - oak furniture, clocks, lamps, glassware, country items. Open daily 10 to 5. REFRIGERATOR, frost free, coppertone, excellent condition, $150. WASHER & DRYER, heavy duty, works good, $125 pair. SOFA, 3 cushion, earth tones, like new, $175. DINING ROOM set, table, 6 chairs, hutch, $450 or best offer. BEDROOM set, 5 pc., walnut, dresser, mirror, chest, bed, $250. KITCHEN table & 4 chairs, maple, $85. MATTRESS & box spring, queen size, excellent, $75. COLOR TV, 25 inch console, works good, $150. STEREO, AM/FM, turntable, speakers, $95. PIANO, upright, good condition, $350. GUITAR, acoustic with case, $60. SNOWBLOWER, 5 hp, electric start, $225. LAWN MOWER, self propelled, $80. FIREWOOD, seasoned hardwood, delivered, $45 face cord. BICYCLE, 10 speed, men's, $55. SKIS, boots, poles, size 9, $75. FUR COAT, mink, size 12, excellent, $900. WEDDING GOWN, size 10, with veil, $150. PUPPIES, AKC registered, shots, wormed, $125. KITTENS, free to good home. HORSES boarded, box stalls, indoor arena, reasonable. CAMPER, 8 ft, sleeps 4, $1,200. SNOWMOBILE, 1977, low miles, like new, $1,100. BOAT, 16 ft, 50 hp motor, trailer, $1,800. MOTORCYCLE, 1978, 750cc, low miles, $1,650. CASH for junk cars, free pick up, call anytime. TOP DOLLAR paid for late model cars and trucks. Call evenings or weekends. : Be
729 CB Radios
rucks. Call evenings or weekends. : Black & White male Border Collie, vicinity of Merriman Rd. Reward. LOST: Gray and white Siamese cat, Farmington. Re
730 Sporting Goods
ure, clocks, lamps, glassware, country items. Open daily 10 to 5. REFRIGERATOR, frost free, coppertone, excellent condition, $150. WASHER & DRYER, heavy duty, works good, $125 pair. SOFA, 3 cushion, earth tones, like new, $175. DINING ROOM set, table, 6 chairs, hutch, $450 or best offer. BEDROOM set, 5 pc., walnut, dresser, mirror, chest, bed, $250. KITCHEN table & 4 chairs, maple, $85. MATTRESS & box spring, queen size, excellent, $75. COLOR TV, 25 inch console, works good, $150. STEREO, AM/FM, turntable, speakers, $95. PIANO, upright, good condition, $350. GUITAR, acoustic with case, $60. SNOWBLOWER, 5 hp, electric start, $225. LAWN MOWER, self propelled, $80. FIREWOOD, seasoned hardwood, delivered, $45 face cord. BICYCLE, 10 speed, men's, $55. SKIS, boots, poles, size 9, $75. FUR COAT, mink, size 12, excellent, $900. WEDDING GOWN, size 10, with veil, $150. PUPPIES, AKC registered, shots, wormed, $125. KITTENS, free to good home. HORSES boarded, box stalls, indoor arena, reasonable. CAMPER, 8 ft, sleeps 4, $1,200. SNOWMOBILE, 1977, low miles, like new, $1,100. BOAT, 16 ft, 50 hp motor, trailer, $1,800. MOTORCYCLE, 1978,
732 Wearing Apparel
750cc, low miles, $1,650. CASH for junk cars, free pick up, call anytime. TOP DOLLAR paid for late model cars and trucks. Call evenings or weekends. bed, $250. KITCHEN table & 4 chairs, maple, $85. MATTRESS & box spring, queen size, excellent, $75. COLOR TV, 25 inch console, works good, $150. STEREO, AM/FM, turntable, speakers, $95. PIANO, upright, good condition, $350. GUITAR, acoustic with case, $60. SNOWBLOWER, 5 hp, electric start, $225. LAWN MOWER, self propelled, $80. FIREWOOD, seasoned hardwood, delivered, $45 face cord. BICYCLE, 10 speed, men's, $55. SKIS, boots, poles, size 9, $75. FUR COAT, mink, size 12, excellent, $900. WEDDING GOWN, size 10, with veil, $150. PUPPIES, AKC registered, shots, wormed, $125. KITTENS, free to good home. HORSE
732 Wearing Apparel
or, trailer, $1,800. MOTORCYCLE, 1978, 750cc, low miles, $1,650. CASH for junk cars, free pick up, call anytime. TOP DOLLAR paid for late model cars and trucks. Call evenings or weekends. ike new, $1,100. BOAT, 16 ft, 50 hp motor, trailer, $1,800. MOTORCYCLE, 1978, 750cc, low miles, $1,650. CASH for junk cars, free pick up, call anytime. TOP DOLLAR paid for late model cars and trucks. Call evenings or weekends. $1,200. SNOWMOBILE, 1977, low miles, like new, $1,100. BOAT, 16 ft, 50 hp motor, trailer, $1,800. MOTORCYCLE, 1978, 750cc, low miles, $1,650. CASH for junk cars, free pick up, call anytime. TOP DOLLAR paid for late model cars and trucks. Call evenings or weekends. na, reasonable. CAMPER, 8 ft, sleeps 4, $1,200. SNOWMOBILE, 1977, low miles, like new, $1,100. BOAT, 16 ft, 50 hp motor, trailer, $1,800. MOTORCYCLE, 1978, 750cc, low miles, $1,650. CASH for junk cars, free pick up, call anytime. TOP DOLLAR paid for late model cars and trucks. Call evenings or weekends. HORSES boarded, box stalls, indoor arena, reasonable. CAMPER, 8 ft, sleeps 4, $1,200. SNOWMOBILE, 1977, low miles, like new, $1,100. BOAT, 16 ft, 50 hp motor, trailer, $1,800. MOTORCYCLE, 1978, 750cc, low miles, $1,650. CASH for junk cars, free pick up, call anytime. TOP DOLLAR paid for late model cars and trucks. Call evenings or weekends. rmed, $125. KITTENS, free to good home. HORSES boarded, box stalls, indoor arena, reasonable. CAMPER, 8 ft, sleeps 4, $1,200. SNOWMOBILE, 1977, low miles, like new, $1,100. BOAT, 16 ft,
738 Household Pets
150. PUPPIES, AKC registered, shots, wormed, $125. KITTENS, free to good home. HORSES boarded, box stalls, indoor arena, reasonable. CAMPER, 8 ft, sleeps 4, $1,200. SNOWMOBILE, 1977, low miles, like new, $1,100. BOAT, 16 ft, 50 hp motor, trailer, $1,800. MOTORCYCLE, 1978, 750cc, low miles, $1,650. CASH for junk cars, free pick up, call anytime. TOP DOLLAR paid for late model cars and trucks. Call evenings or weekends. $45 face cord. BICYCLE, 10 speed, men's, $55. SKIS, boots, poles, size 9, $75. FUR COAT, mink, size 12, excellent, $900. WEDDING GOWN, size 10, with veil, $150. PUPPIES, AKC registered, shots, wormed, $125. KITTENS, free to good home. HORSES boarded, box stalls, indoor arena, reasonable. CAMPER, 8 ft, sleeps 4, $1,200. SNOWMOBILE, 1977, low miles, like new, $1,100. BOAT, 16 ft, 50 hp motor, trailer, $1,800. MOTORCYCLE, 1978, 750cc, low miles, $1,650. CASH for junk cars, free pick up, call anytime. TOP DOLLAR paid for late model cars and trucks. Call evenings or weekends. on, $350. GUITAR, acoustic with case, $60. SNOWBLOWER, 5 hp, electric start, $225. LAWN MOWER, self propelled, $80. FIREWOOD, seasoned hardwood, delivered, $45 face cord. BICYCLE, 10 speed, men's, $55. SKIS, boots, poles, size 9, $75. FUR COAT, mink, size 12, excellent, $900. WEDDING GOWN, size 10, with veil, $150. PUPPIES, AKC registered, shots, wormed, $125. KITTENS, free to good home. HORSES boarded, box stalls, indoor arena, reasonable. CAMPER, 8 ft, sleeps 4, $1,200. SNOWMOBILE, 1977, low miles, like new, $1,100. BOAT, 16 ft, 50 hp motor, trailer, $1,800. MOTORCYCLE, 1978, 750cc, low miles, $1,650. CASH for junk cars, free pick up, call anytime. TOP DOLLAR paid for late model cars and trucks. Call evenings or weekends. & box spring, queen size, excellent, $75. COLOR TV, 25 inch console, works good, $150. STEREO, AM/FM, turntable, speakers, $95. PIANO, upright, good condition, $350. GUITAR, acoustic with case, $60. SNOWBLOWER, 5 hp, electric start, $225. LAWN MOWER, self propelled, $80. FIREWOOD, seasoned hardwood, delivered, $45 face cord. BICYCLE, 10 speed, men's, $55. SKIS, boots, poles, size 9, $75. FUR COAT, mink, size 12, excellent, $900. WEDDING GOWN, size 10, with veil, $150. PUPPIES, AKC registered, shots, wormed, $125. KITTENS, free to good home. HORSES boarded, box stalls, indoor arena, reasonable. CAMPER, 8 ft, sleeps 4, $1,200. SNOWMOBILE, 1977, low miles, like new, $1,100. BOAT, 16 ft, 50 hp motor, trailer, $1,800. MOTORCYCLE, 1978, 750cc, low miles, $1,650. CASH for junk cars, free pick up, call anytime. TOP DOLLAR paid for late model cars and trucks. Call evenings or weekends. , table, 6 chairs, hutch, $450 or best offer. BEDROOM set, 5 pc., walnut, dresser, mirror, chest, bed, $250. KITCHEN table & 4 chairs, maple, $85. MATTRESS & box spring, queen size, excellent, $75. COLOR TV, 25 inch console, works good, $150. STEREO, AM/FM, turntable, speakers, $95. PIANO, upright, good condition, $350. GUITAR, acoustic with case, $60. SNOWBLOWER, 5 hp, electric start, $225. LAWN MOWER, self propelled, $80. FIREWOOD, seasoned hardwood, delivered, $45 face cord. BICYCLE, 10 speed, men's, $55. SKIS, boots, poles, size 9, $75. FUR COAT, mink, size 12, excellent, $900. WEDDING GOWN, size 10, with veil, $150. PUPPIES, AKC registered, shots, wormed, $125. KITTENS, free to good home. HORSES boarded, box stalls, indoor arena, reasonable. CAMPER, 8 ft, sleeps 4, $1,200. SNOWMOBILE, 1977, low miles, like new, $1,100. BOAT, 16 ft, 50 hp motor, trailer, $1,800. MOTORCYCLE, 1978, 750cc, low miles, $1,650. CASH for junk cars, free pick up, call anytime. TOP DOLLAR paid for late model cars and trucks. Call evenings or weekends. ree, coppertone, excellent condition, $150. WASHER & DRYER, heavy duty, works good, $125 pair. SOFA, 3 cushion, earth tones, like new, $175. DINING ROOM set, table, 6 chairs, hutch, $450 or best offer. BEDROOM set, 5 pc., walnut, dresser, mirror, chest, bed, $250. KITCHEN table & 4 chairs, maple, $85. MATTRESS & box spring, queen size, excellent, $75. COLOR TV, 25 inch console, works good, $150. STEREO, AM/FM, turntable, speakers, $95. PIANO, upright, good condition, $350. GUITAR, acoustic with case, $60. SNOWBLOWER, 5 hp, electric start, $225. LAWN MOWER, self propelled, $80. FIREWOOD, seasoned hardwood, delivered, $45 face cord. BICYCLE, 10 speed, men's, $55. SKIS, boots, poles, size 9, $75. FUR COAT, mink, size 12, excellent, $900. WEDDING GOWN, size 10, with veil, $150. PUPPIES, AKC registered, shots, wormed, $125. KITTENS, free to good home. HORSES boarded, box stalls, indoor arena, reasonable. CAMPER, 8 ft, sleeps 4, $1,200. SNOWMOBILE, 1977, low miles, like new, $1,100. BOAT, 16 ft, 50 hp motor, trailer, $1,800. MOTORCYCLE, 1978, 750cc, low miles, $1,650. CASH for junk cars, free pick up, call anytime. TOP DOLLAR paid for late model cars and trucks. Call evenings or weekends. white Siamese cat, Farmington. Reward offered. ANTIQUES - oak furniture, clocks, lamps, glassware, country items. Open daily 10 to 5. REFRIGERATOR, frost free, coppertone, excellent condition, $150. WASHER & DRYER, heavy duty, works good, $125 pair. SOFA, 3 cushion, earth tones, like new, $175. DINING ROOM set, table, 6 chairs, hutch, $450 or best offer. BEDROOM set, 5 pc., walnut, dresser, mirror, chest, bed, $250. KITCHEN table & 4 chairs, maple, $85. MATTRESS & box spring, queen size, excellent, $75. COLOR TV, 25 inch console, works good, $150. STEREO, AM/FM, turntable, speakers, $95. PIANO, upright, good condition, $350. GUITAR, acoustic with case, $60. SNOWBLOWER, 5 hp, electric start, $225. LAWN MOWER, self propelled, $80. FIREWOOD, seasoned hardwood, delivered, $45 face cord. BICYCLE, 10 speed, men's, $55. SKIS, boots, poles, size 9, $75. FUR COAT, mink, size 12, excellent, $900. WEDDING GOWN, size 10, with veil, $150. PUPPIES, AKC registered, shots, wormed, $125. KITTENS, free to good home. HORSES boarded, box stalls, indoor arena, reasonable. CAMPER, 8 ft, sleeps 4, $1,200. SNOWMOBILE, 1977, low miles, like new, $1,100. BOAT, 16 ft, 50 hp motor, trailer, $1,800. MOTORCYCLE,
740 Pet Services
emale cat. Smoky color, white bib & paws, green eyes. Call evenings. LOST: Black & White male Border Collie, vicinity of Merriman Rd. Reward. LOST: Gray and white Siamese cat, Farmington. Reward offered. ANTIQUES - oak furniture
744 Horses, Livestock Equipment
, clocks, lamps, glassware, country items. Open daily 10 to 5. REFRIGERATOR, frost free, coppertone, excellent condition, $150. WASHER & DRYER, heavy duty, works good, $125 pair. SOFA, 3 cushion, earth tones, like new, $175. DINING ROOM set, table, 6 chairs, hutch, $450 or best offer. BEDROOM set, 5 pc., walnut, dresser, mirror, chest, bed, $250. KITCHEN table & 4 chairs, maple, $85. MATTRESS & box spring, queen size, excellent, $75. COLOR TV, 25 inch
744 Horses, Livestock Equipment
console, works good, $150. STEREO, AM/FM, turntable, speakers, $95. PIANO, upright, good condition, $350. GUITAR, acoustic with case, $60. SNOWBLOWER, 5 hp, electric start, $225. LAWN MOWER, self propelled, $80. FIREWOOD, seasoned hardwood, delivered, $45 face cord. BICYCLE, 10 speed, men's, $55. SKIS, boots, poles, size 9, $75. FUR COAT, mink, size 12, excellent, $900. WEDDING
800 Recreational Vehicles
GOWN, size 10, with veil, $150. PUPPIES, AKC registered, shots, wormed, $125. KITTENS, free to good home. HORSES boarded, box stalls, indoor arena, rea
802 Snowmobiles
sonable. CAMPER, 8 ft, sleeps 4, $1,200. SNOWMOBILE, 1977, low miles, like new, $1,100. BOAT, 16 ft, 50 hp motor, trailer, $1,800. MOTORCYCLE, 1978, 750cc, low miles, $1,650. CASH for junk cars, free pick up, call anytime. TOP DOLLAR paid for late model cars and trucks. Call evenings or weekends. shion, earth tones, like new, $175. DINING ROOM set, table, 6 chairs, hutch, $450 or best offer. BEDROOM set, 5 pc., walnut, dresser, mirror, chest, bed, $250. KITCHEN table & 4 chairs, maple, $85. MATTRESS & box spring, queen size, excellent, $75. COLOR TV, 25 inch console, works good, $150. STEREO, AM/FM, turntable, speakers, $95. PIANO, upright, good condition, $350. GUITAR, acoustic with case, $60. SNOWBLOWER, 5 hp, electric start, $225. LAWN MOWER, sel
806 Boats & Motors
boarded, box stalls, indoor arena, reasonable. CAMPER, 8 ft, sleeps 4, $1,200. SNOWMOBILE, 1977, low miles, like new, $1,100. BOAT, 16 ft, 50 hp motor, trailer, $1,800. MOTORCYCLE, 1978, 750cc, low miles, $1,650. CASH for junk cars, free pick up, call anytime. TOP DOLLAR paid for late model cars and trucks. Call evenings or weekends. Black & White male Border Collie, vicinity of Merriman Rd. Reward. LOST: Gray and white Siamese cat, Farmington. Rewa
808 Vehicle & Boat Storage
c., walnut, dresser, mirror, chest, bed, $250. KITCHEN table & 4 chairs, maple, $85. MATTRESS & box spring, queen size, excellent, $75. COLOR TV, 25 inch console, works good, $150. STEREO, AM/FM, turntable, speakers, $95. PIANO,
812 Motorcycles Go-Karts, Mini-Bikes
upright, good condition, $350. GUITAR, acoustic with case, $60. SNOWBLOWER, 5 hp, electric start, $225. LAWN MOWER, self propelled, $80. FIREWOOD, seasoned hardwood, delivered, $45 face cord. BICYCLE, 10 speed, men's, $55. SKIS, boots, poles, size 9, $75. FUR COAT, mink, size 12, excellent, $900. WEDDING GOWN, size 10, with veil, $150. PUPPIES, AKC registered, shots, wormed, $125. KITTENS, free to good home. HORSES boarded, box stalls, indoor arena, reasonable. CAMPER, 8 ft, sleeps 4, $1,200. SNOWMOBILE, 1977, low miles, like new, $1,100. BOAT, 16 ft, 50 hp motor, trailer, $1,800. MOTORCYCLE, 1978, 750cc, low miles, $1,650. CASH for junk cars, free pick up, call anytime. TOP DOLLAR paid for late model cars and trucks. Call evenings or weekends. D:
813 Motorcycle Parts & Service
AM/FM, turntable, speakers, $95. PIANO, upright, good condition, $350. GUITAR, acoustic with case, $60. SNOWBLOWER, 5 hp, electric start, $225. LAWN MOWER, self propelled, $80. FIREWOOD, seasoned hardwood, delivered, $45 face co
814 Campers & Motorhomes
rd. BICYCLE, 10 speed, men's, $55. SKIS, boots, poles, size 9, $75. FUR COAT, mink, size 12, excellent, $900. WEDDING GOWN, size 10, with veil, $150. PUPPIES, AKC registered, shots, wormed, $125. KITTENS, free to good home. HORSES boarded, box stalls, indoor arena, reasonable. CAMPER, 8 ft, sleeps 4, $1,200. SNOWMOBILE, 1977, low miles, like new, $1,100. BOAT, 16 ft, 50 hp moto
816 Auto & Truck Parts & Service
r, trailer, $1,800. MOTORCYCLE, 1978, 750cc, low miles, $1,650. CASH for junk cars, free pick up, call anytime. TOP DOLLAR paid for late model cars and trucks. Call evenings or weekends. asoned hardwood, delivered, $45 face cord. BICYCLE, 10 speed, men's, $55. SKIS, boots, poles, size 9, $75. FUR COAT, mink, size 12, excellent, $900. WEDDING GOWN, size 10, with veil, $150. PUPPIES, AKC registered, shots, wormed, $125. KITTENS, free to good home. HORSES boarded, box stalls, indoor arena, reasonable. CAMPER, 8 ft, sleeps 4, $1,200. SNOWMOBILE, 1977, low miles, like new, $1,100. BOAT, 16 ft, 50 hp motor, trailer, $1,800. MOTORCYCLE, 1978, 750cc, low miles, $1,650. CASH for junk cars, free pick up, call anytime. TOP DOLLAR paid for late model cars and trucks. Call evenings or weekends. tch, $450 or best offer. BEDROOM set, 5 pc., walnut, dresser, mirror, chest, bed, $250. KITCHEN table & 4 chairs, maple, $85. MATTRESS & box spring, queen size, excellent, $75. COLOR TV, 25 inch console, works good, $150. STEREO, AM/FM, turntable, speakers, $95. PIANO, upright, good condition, $350. GUITAR, acoustic with case, $60. SNOWBLOWER,
820 Autos Wanted
BOSS HAS GONE FISHING!
COME IN AND "REEL IN"
TOP PRICE
MATTHEWS HARGREAVE CHEVROLET
CASH!
MANSFIELD SHARP CARS NEEDED
335-5900
338-8625
North Bros. Ford
421-1300
CHECK OUR PRICE BEFORE YOU SELL YOUR TRUCK OR VAN
708 Household Goods Oakland County
PRE-RENTED FURNITURE SALE
Returns from Model Homes & Transferred Executives
5 sofa & chair sets	ea. $149
6 sofa & chair sets	ea. $199
4 sofa & loveseat sets	ea. $229
One sofa, loveseat, chair set	$279
8 living room chairs	ea. $39
5 pc. dinette sets	ea. $79
7 pc. dinette sets	ea. $99
8 occasional tables	ea. $15
5 pc. bedroom groups	ea. $249
3 pc. bedroom groups	ea. $149
Twin or twin extra long set	$90
Full size set	$120
Queen size set	$180
3 piece King set	$240
MATTRESS & BOX SPRINGS MANUFACTURER'S CLOSEOUT
GLOBE FURNITURE RENTALS
588-1800
6E
